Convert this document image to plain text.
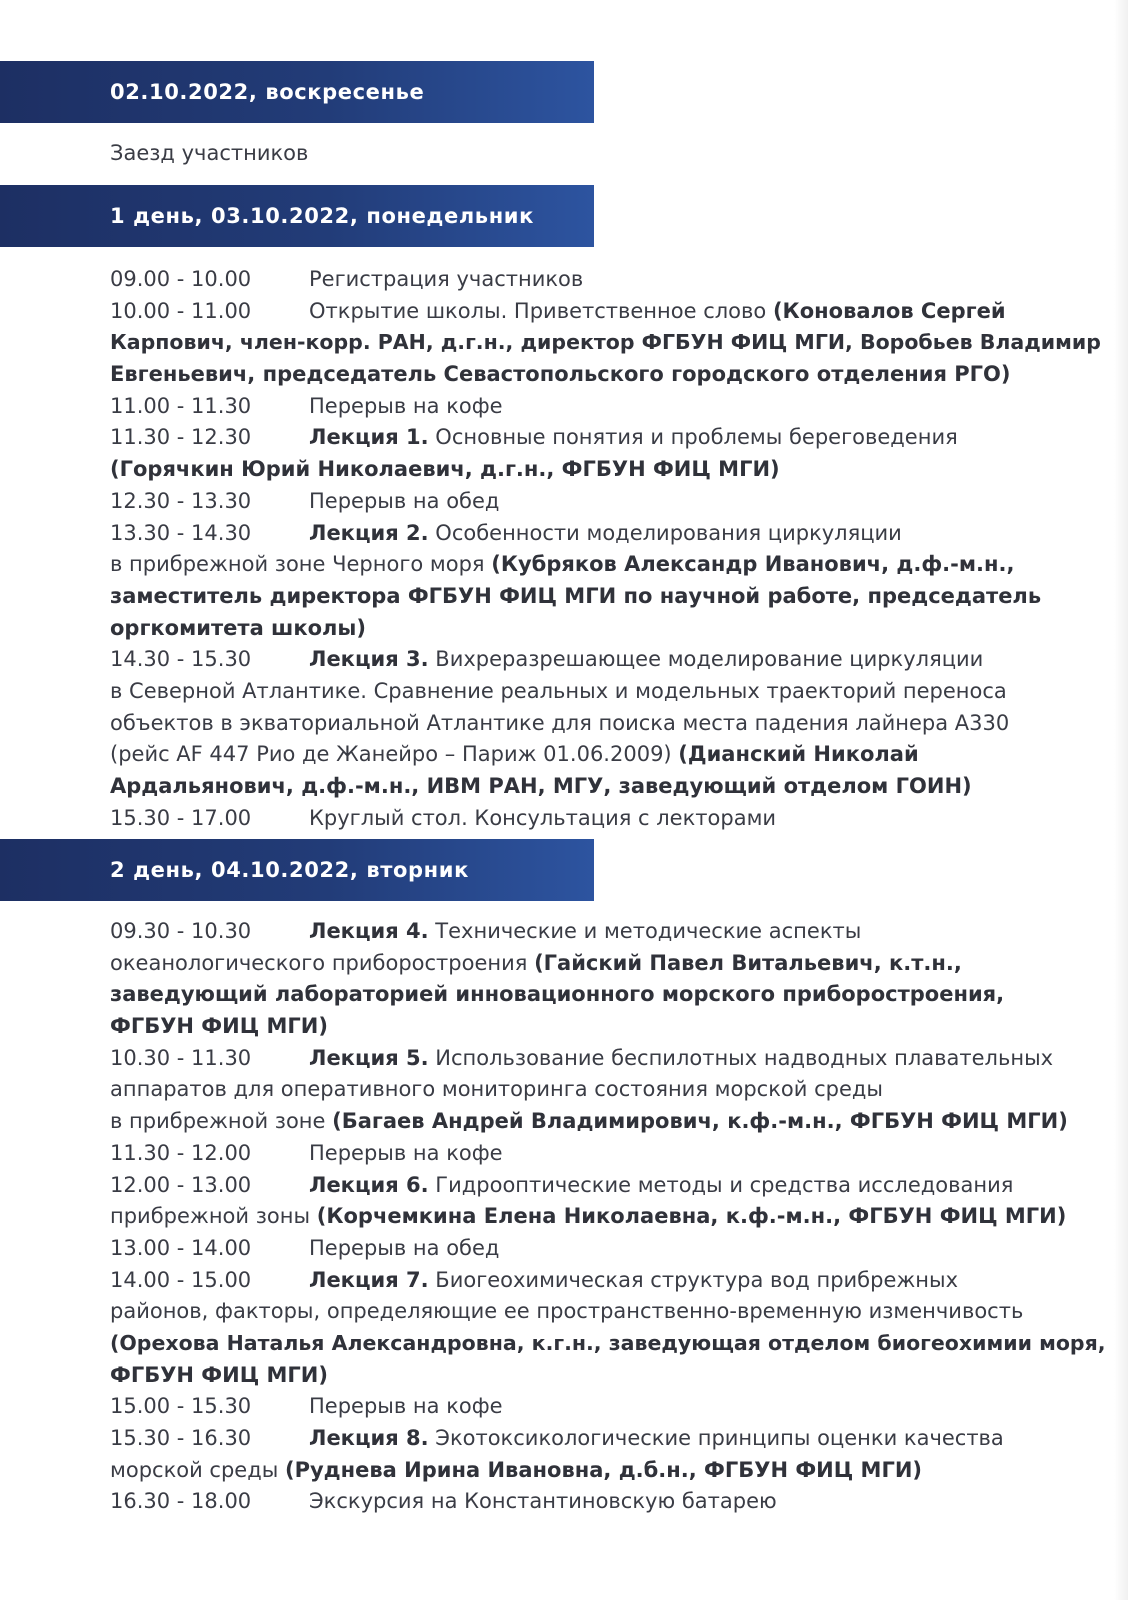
02.10.2022, воскресенье
Заезд участников
1 день, 03.10.2022, понедельник
09.00 - 10.00	Регистрация участников
10.00 - 11.00	Открытие школы. Приветственное слово (Коновалов Сергей
Карпович, член-корр. РАН, д.г.н., директор ФГБУН ФИЦ МГИ, Воробьев Владимир
Евгеньевич, председатель Севастопольского городского отделения РГО)
11.00 - 11.30	Перерыв на кофе
11.30 - 12.30	Лекция 1. Основные понятия и проблемы береговедения
(Горячкин Юрий Николаевич, д.г.н., ФГБУН ФИЦ МГИ)
12.30 - 13.30	Перерыв на обед
13.30 - 14.30	Лекция 2. Особенности моделирования циркуляции
в прибрежной зоне Черного моря (Кубряков Александр Иванович, д.ф.-м.н.,
заместитель директора ФГБУН ФИЦ МГИ по научной работе, председатель
оргкомитета школы)
14.30 - 15.30	Лекция 3. Вихреразрешающее моделирование циркуляции
в Северной Атлантике. Сравнение реальных и модельных траекторий переноса
объектов в экваториальной Атлантике для поиска места падения лайнера А330
(рейс AF 447 Рио де Жанейро – Париж 01.06.2009) (Дианский Николай
Ардальянович, д.ф.-м.н., ИВМ РАН, МГУ, заведующий отделом ГОИН)
15.30 - 17.00	Круглый стол. Консультация с лекторами
2 день, 04.10.2022, вторник
09.30 - 10.30	Лекция 4. Технические и методические аспекты
океанологического приборостроения (Гайский Павел Витальевич, к.т.н.,
заведующий лабораторией инновационного морского приборостроения,
ФГБУН ФИЦ МГИ)
10.30 - 11.30	Лекция 5. Использование беспилотных надводных плавательных
аппаратов для оперативного мониторинга состояния морской среды
в прибрежной зоне (Багаев Андрей Владимирович, к.ф.-м.н., ФГБУН ФИЦ МГИ)
11.30 - 12.00	Перерыв на кофе
12.00 - 13.00	Лекция 6. Гидрооптические методы и средства исследования
прибрежной зоны (Корчемкина Елена Николаевна, к.ф.-м.н., ФГБУН ФИЦ МГИ)
13.00 - 14.00	Перерыв на обед
14.00 - 15.00	Лекция 7. Биогеохимическая структура вод прибрежных
районов, факторы, определяющие ее пространственно-временную изменчивость
(Орехова Наталья Александровна, к.г.н., заведующая отделом биогеохимии моря,
ФГБУН ФИЦ МГИ)
15.00 - 15.30	Перерыв на кофе
15.30 - 16.30	Лекция 8. Экотоксикологические принципы оценки качества
морской среды (Руднева Ирина Ивановна, д.б.н., ФГБУН ФИЦ МГИ)
16.30 - 18.00	Экскурсия на Константиновскую батарею
